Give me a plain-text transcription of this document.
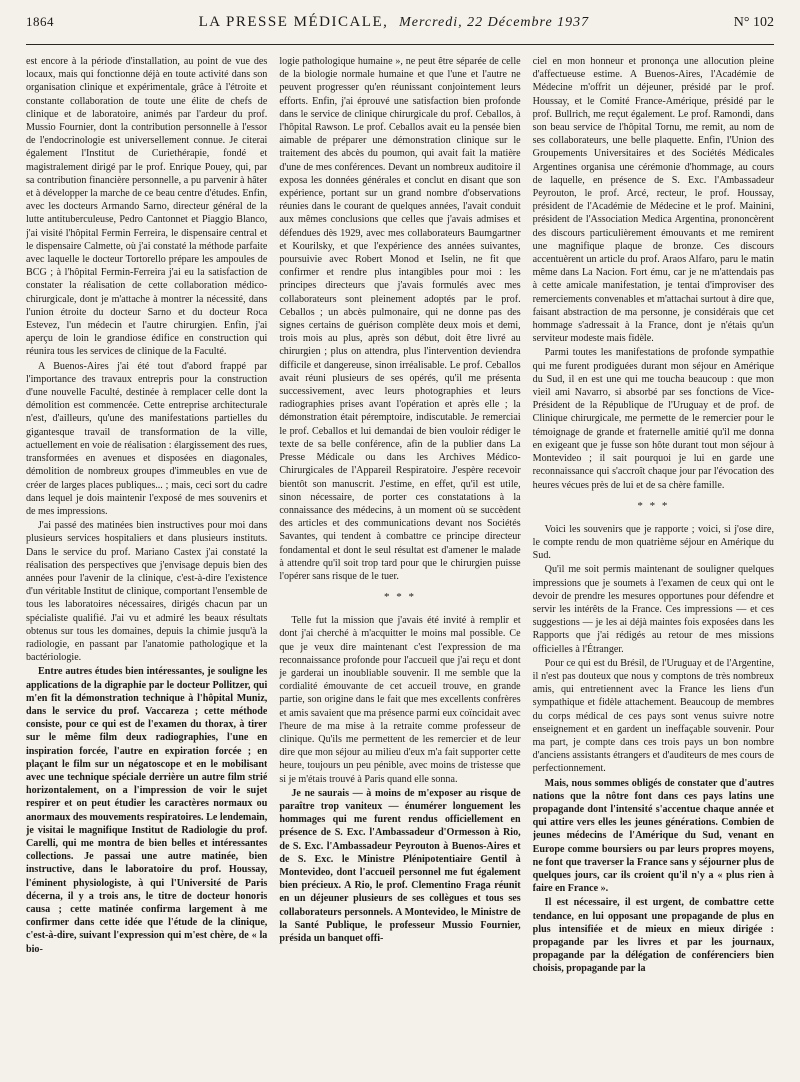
1864	LA PRESSE MÉDICALE, Mercredi, 22 Décembre 1937	N° 102

est encore à la période d'installation, au point de vue des locaux, mais qui fonctionne déjà en toute activité dans son organisation clinique et expérimentale, grâce à l'étroite et constante collaboration de toute une élite de chefs de clinique et de laboratoire, animés par l'ardeur du prof. Mussio Fournier, dont la contribution personnelle à l'essor de l'endocrinologie est universellement connue. Je citerai également l'Institut de Curiethérapie, fondé et magistralement dirigé par le prof. Enrique Pouey, qui, par sa contribution financière personnelle, a pu parvenir à hâter et à développer la marche de ce beau centre d'études. Enfin, avec les docteurs Armando Sarno, directeur général de la lutte antituberculeuse, Pedro Cantonnet et Piaggio Blanco, j'ai visité l'hôpital Fermin Ferreira, le dispensaire central et le dispensaire Calmette, où j'ai constaté la méthode parfaite avec laquelle le docteur Tortorello prépare les ampoules de BCG ; à l'hôpital Fermin-Ferreira j'ai eu la satisfaction de constater la réalisation de cette collaboration médico-chirurgicale, dont je m'attache à montrer la nécessité, dans l'union étroite du docteur Sarno et du docteur Roca Estevez, l'un médecin et l'autre chirurgien. Enfin, j'ai aperçu de loin le grandiose édifice en construction qui réunira tous les services de clinique de la Faculté.

A Buenos-Aires j'ai été tout d'abord frappé par l'importance des travaux entrepris pour la construction d'une nouvelle Faculté, destinée à remplacer celle dont la démolition est commencée. Cette entreprise architecturale n'est, d'ailleurs, qu'une des manifestations partielles du gigantesque travail de transformation de la ville, actuellement en voie de réalisation : élargissement des rues, transformées en avenues et disposées en diagonales, démolition de nombreux groupes d'immeubles en vue de créer de larges places publiques... ; mais, ceci sort du cadre dans lequel je dois maintenir l'exposé de mes souvenirs et de mes impressions.

J'ai passé des matinées bien instructives pour moi dans plusieurs services hospitaliers et dans plusieurs instituts. Dans le service du prof. Mariano Castex j'ai constaté la réalisation des perspectives que j'envisage depuis bien des années pour l'avenir de la clinique, c'est-à-dire l'existence d'un véritable Institut de clinique, comportant l'ensemble de tous les laboratoires nécessaires, dirigés chacun par un spécialiste qualifié. J'ai vu et admiré les beaux résultats obtenus sur tous les domaines, depuis la chimie jusqu'à la radiologie, en passant par l'anatomie pathologique et la bactériologie.

Entre autres études bien intéressantes, je souligne les applications de la digraphie par le docteur Pollitzer, qui m'en fit la démonstration technique à l'hôpital Muniz, dans le service du prof. Vaccareza ; cette méthode consiste, pour ce qui est de l'examen du thorax, à tirer sur le même film deux radiographies, l'une en inspiration forcée, l'autre en expiration forcée ; en plaçant le film sur un négatoscope et en le mobilisant avec une technique spéciale derrière un autre film strié horizontalement, on a l'impression de voir le sujet respirer et on peut étudier les caractères normaux ou anormaux des mouvements respiratoires. Le lendemain, je visitai le magnifique Institut de Radiologie du prof. Carelli, qui me montra de bien belles et intéressantes collections. Je passai une autre matinée, bien instructive, dans le laboratoire du prof. Houssay, l'éminent physiologiste, à qui l'Université de Paris décerna, il y a trois ans, le titre de docteur honoris causa ; cette matinée confirma largement à me confirmer dans cette idée que l'étude de la clinique, c'est-à-dire, suivant l'expression qui m'est chère, de « la bio-

logie pathologique humaine », ne peut être séparée de celle de la biologie normale humaine et que l'une et l'autre ne peuvent progresser qu'en réunissant conjointement leurs efforts. Enfin, j'ai éprouvé une satisfaction bien profonde dans le service de clinique chirurgicale du prof. Ceballos, à l'hôpital Rawson. Le prof. Ceballos avait eu la pensée bien aimable de préparer une démonstration clinique sur le traitement des abcès du poumon, qui avait fait la matière d'une de mes conférences. Devant un nombreux auditoire il exposa les données générales et conclut en disant que son expérience, portant sur un grand nombre d'observations réunies dans le courant de quelques années, l'avait conduit aux mêmes conclusions que celles que j'avais admises et défendues dès 1929, avec mes collaborateurs Baumgartner et Kourilsky, et que l'expérience des années suivantes, poursuivie avec Robert Monod et Iselin, ne fit que confirmer et rendre plus intangibles pour moi : les principes directeurs que j'avais formulés avec mes collaborateurs sont pleinement adoptés par le prof. Ceballos ; un abcès pulmonaire, qui ne donne pas des signes certains de guérison complète deux mois et demi, trois mois au plus, après son début, doit être livré au chirurgien ; plus on attendra, plus l'intervention deviendra difficile et dangereuse, sinon irréalisable. Le prof. Ceballos avait réuni plusieurs de ses opérés, qu'il me présenta successivement, avec leurs photographies et leurs radiographies prises avant l'opération et après elle ; la démonstration était péremptoire, indiscutable. Je remerciai le prof. Ceballos et lui demandai de bien vouloir rédiger le texte de sa belle conférence, afin de la publier dans La Presse Médicale ou dans les Archives Médico-Chirurgicales de l'Appareil Respiratoire. J'espère recevoir bientôt son manuscrit. J'estime, en effet, qu'il est utile, sinon nécessaire, de porter ces constatations à la connaissance des médecins, à un moment où se succèdent des articles et des communications devant nos Sociétés Savantes, qui tendent à combattre ce principe directeur fondamental et dont le seul résultat est d'amener le malade à attendre qu'il soit trop tard pour que le chirurgien puisse l'opérer sans risque de le tuer.

* * *

Telle fut la mission que j'avais été invité à remplir et dont j'ai cherché à m'acquitter le moins mal possible. Ce que je veux dire maintenant c'est l'expression de ma reconnaissance profonde pour l'accueil que j'ai reçu et dont je garderai un inoubliable souvenir. Il me semble que la cordialité émouvante de cet accueil trouve, en grande partie, son origine dans le fait que mes excellents confrères et amis savaient que ma présence parmi eux coïncidait avec l'heure de ma mise à la retraite comme professeur de clinique. Qu'ils me permettent de les remercier et de leur dire que mon séjour au milieu d'eux m'a fait supporter cette heure, toujours un peu pénible, avec moins de tristesse que si je m'étais trouvé à Paris quand elle sonna.

Je ne saurais — à moins de m'exposer au risque de paraître trop vaniteux — énumérer longuement les hommages qui me furent rendus officiellement en présence de S. Exc. l'Ambassadeur d'Ormesson à Rio, de S. Exc. l'Ambassadeur Peyrouton à Buenos-Aires et de S. Exc. le Ministre Plénipotentiaire Gentil à Montevideo, dont l'accueil personnel me fut également bien précieux. A Rio, le prof. Clementino Fraga réunit en un déjeuner plusieurs de ses collègues et tous ses collaborateurs personnels. A Montevideo, le Ministre de la Santé Publique, le professeur Mussio Fournier, présida un banquet offi-

ciel en mon honneur et prononça une allocution pleine d'affectueuse estime. A Buenos-Aires, l'Académie de Médecine m'offrit un déjeuner, présidé par le prof. Houssay, et le Comité France-Amérique, présidé par le prof. Bullrich, me reçut également. Le prof. Ramondi, dans son beau service de l'hôpital Tornu, me remit, au nom de ses collaborateurs, une belle plaquette. Enfin, l'Union des Groupements Universitaires et des Sociétés Médicales Argentines organisa une cérémonie d'hommage, au cours de laquelle, en présence de S. Exc. l'Ambassadeur Peyrouton, le prof. Arcé, recteur, le prof. Houssay, président de l'Académie de Médecine et le prof. Mainini, président de l'Association Medica Argentina, prononcèrent des discours particulièrement émouvants et me remirent une magnifique plaque de bronze. Ces discours accentuèrent un article du prof. Araos Alfaro, paru le matin même dans La Nacion. Fort ému, car je ne m'attendais pas à cette amicale manifestation, je tentai d'improviser des remerciements convenables et m'attachai surtout à dire que, faisant abstraction de ma personne, je considérais que cet hommage s'adressait à la France, dont je n'étais qu'un serviteur modeste mais fidèle.

Parmi toutes les manifestations de profonde sympathie qui me furent prodiguées durant mon séjour en Amérique du Sud, il en est une qui me toucha beaucoup : que mon vieil ami Navarro, si absorbé par ses fonctions de Vice-Président de la République de l'Uruguay et de prof. de Clinique chirurgicale, me permette de le remercier pour le témoignage de grande et fraternelle amitié qu'il me donna en exigeant que je fusse son hôte durant tout mon séjour à Montevideo ; il sait pourquoi je lui en garde une reconnaissance qui s'accroît chaque jour par l'évocation des heures vécues près de lui et de sa chère famille.

* * *

Voici les souvenirs que je rapporte ; voici, si j'ose dire, le compte rendu de mon quatrième séjour en Amérique du Sud.

Qu'il me soit permis maintenant de souligner quelques impressions que je soumets à l'examen de ceux qui ont le devoir de prendre les mesures opportunes pour défendre et servir les intérêts de la France. Ces impressions — et ces suggestions — je les ai déjà maintes fois exposées dans les Rapports que j'ai rédigés au retour de mes missions officielles à l'Étranger.

Pour ce qui est du Brésil, de l'Uruguay et de l'Argentine, il n'est pas douteux que nous y comptons de très nombreux amis, qui entretiennent avec la France les liens d'un sympathique et fidèle attachement. Beaucoup de membres du corps médical de ces pays sont venus suivre notre enseignement et en gardent un ineffaçable souvenir. Pour ma part, je compte dans ces trois pays un bon nombre d'anciens assistants étrangers et d'auditeurs de mes cours de perfectionnement.

Mais, nous sommes obligés de constater que d'autres nations que la nôtre font dans ces pays latins une propagande dont l'intensité s'accentue chaque année et qui attire vers elles les jeunes générations. Combien de jeunes médecins de l'Amérique du Sud, venant en Europe comme boursiers ou par leurs propres moyens, ne font que traverser la France sans y séjourner plus de quelques jours, car ils croient qu'il n'y a « plus rien à faire en France ».

Il est nécessaire, il est urgent, de combattre cette tendance, en lui opposant une propagande de plus en plus intensifiée et de mieux en mieux dirigée : propagande par les livres et par les journaux, propagande par la délégation de conférenciers bien choisis, propagande par la
